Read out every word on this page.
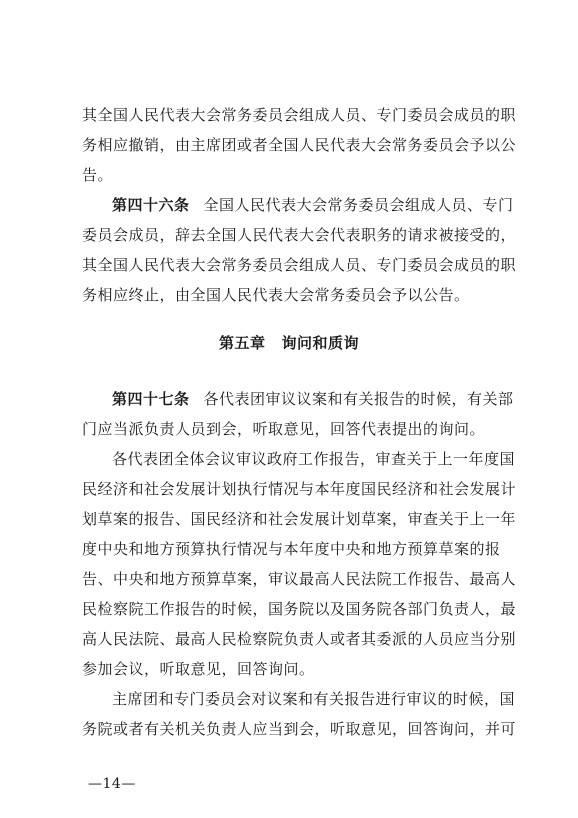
其全国人民代表大会常务委员会组成人员、专门委员会成员的职
务相应撤销，由主席团或者全国人民代表大会常务委员会予以公
告。
第四十六条 全国人民代表大会常务委员会组成人员、专门
委员会成员，辞去全国人民代表大会代表职务的请求被接受的，
其全国人民代表大会常务委员会组成人员、专门委员会成员的职
务相应终止，由全国人民代表大会常务委员会予以公告。
第五章 询问和质询
第四十七条 各代表团审议议案和有关报告的时候，有关部
门应当派负责人员到会，听取意见，回答代表提出的询问。
各代表团全体会议审议政府工作报告，审查关于上一年度国
民经济和社会发展计划执行情况与本年度国民经济和社会发展计
划草案的报告、国民经济和社会发展计划草案，审查关于上一年
度中央和地方预算执行情况与本年度中央和地方预算草案的报
告、中央和地方预算草案，审议最高人民法院工作报告、最高人
民检察院工作报告的时候，国务院以及国务院各部门负责人，最
高人民法院、最高人民检察院负责人或者其委派的人员应当分别
参加会议，听取意见，回答询问。
主席团和专门委员会对议案和有关报告进行审议的时候，国
务院或者有关机关负责人应当到会，听取意见，回答询问，并可
—14—
